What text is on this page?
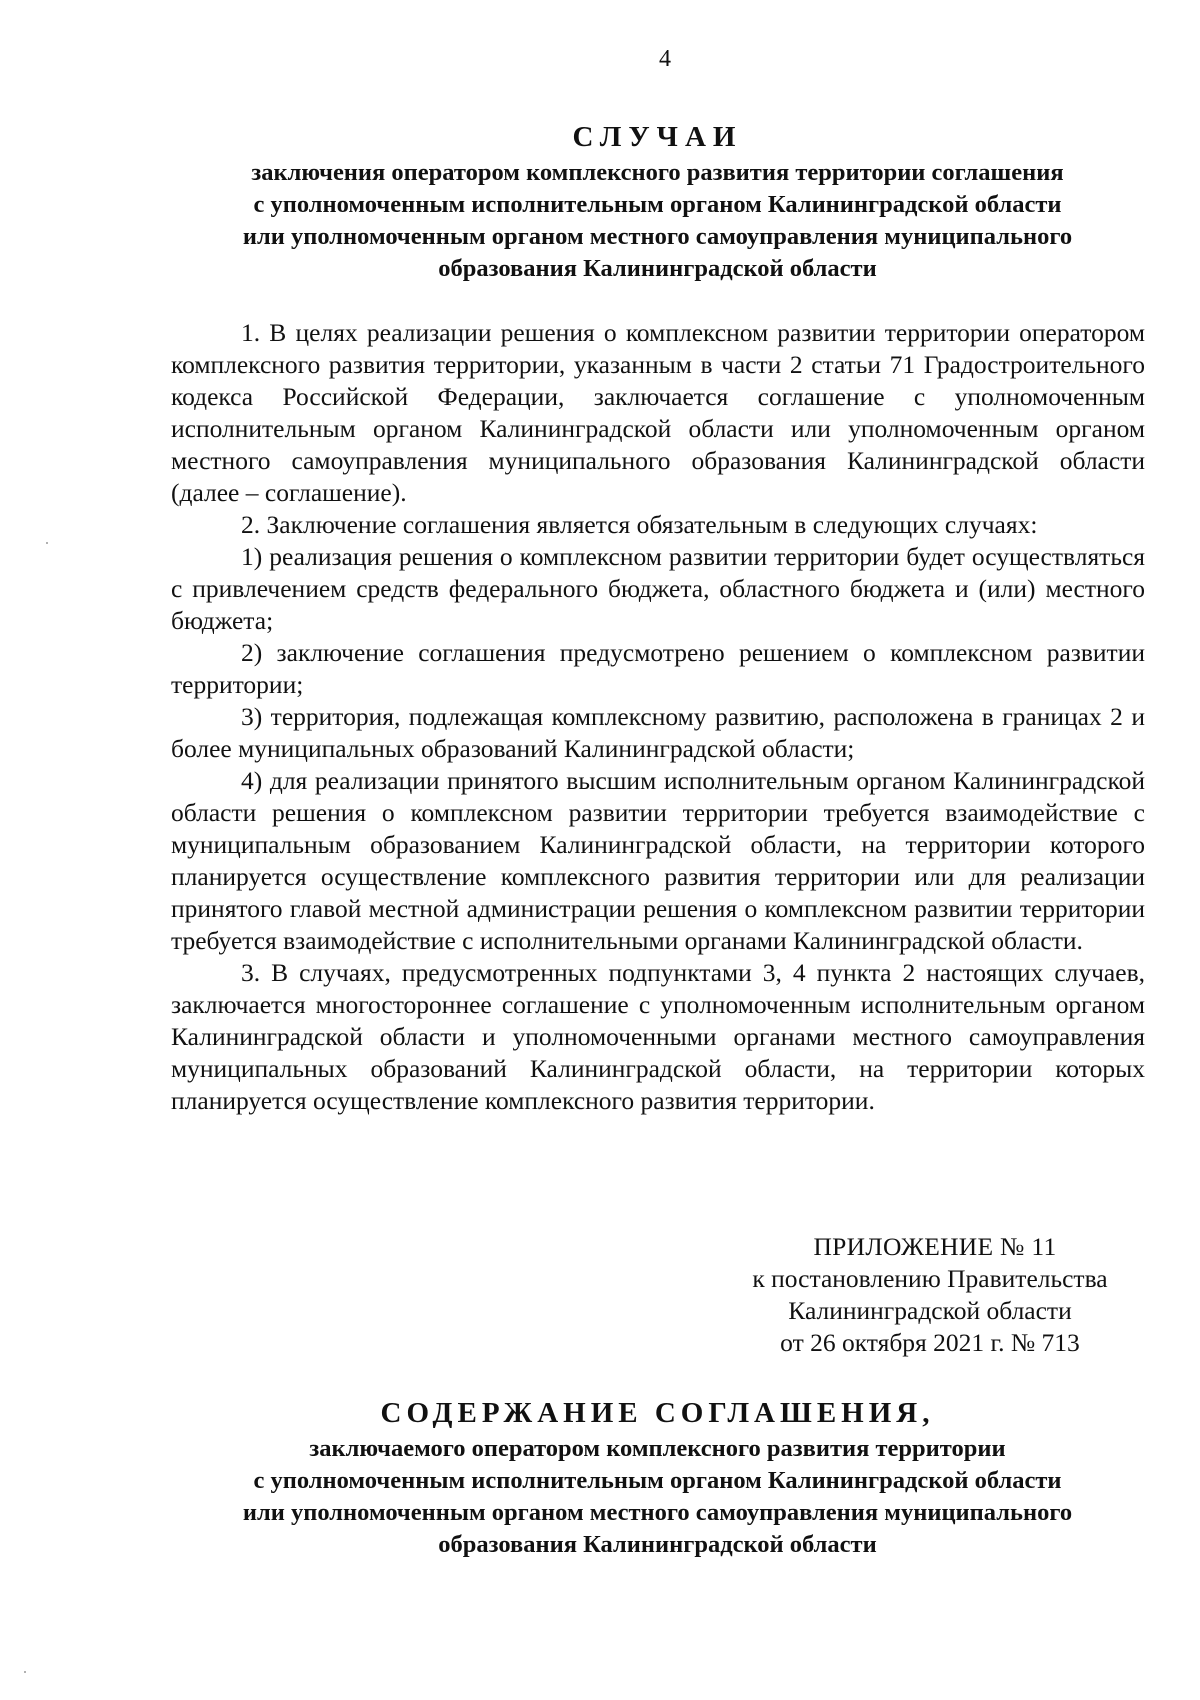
4
СЛУЧАИ
заключения оператором комплексного развития территории соглашения
с уполномоченным исполнительным органом Калининградской области
или уполномоченным органом местного самоуправления муниципального
образования Калининградской области

1. В целях реализации решения о комплексном развитии территории оператором комплексного развития территории, указанным в части 2 статьи 71 Градостроительного кодекса Российской Федерации, заключается соглашение с уполномоченным исполнительным органом Калининградской области или уполномоченным органом местного самоуправления муниципального образования Калининградской области (далее – соглашение).

2. Заключение соглашения является обязательным в следующих случаях:

1) реализация решения о комплексном развитии территории будет осуществляться с привлечением средств федерального бюджета, областного бюджета и (или) местного бюджета;

2) заключение соглашения предусмотрено решением о комплексном развитии территории;

3) территория, подлежащая комплексному развитию, расположена в границах 2 и более муниципальных образований Калининградской области;

4) для реализации принятого высшим исполнительным органом Калининградской области решения о комплексном развитии территории требуется взаимодействие с муниципальным образованием Калининградской области, на территории которого планируется осуществление комплексного развития территории или для реализации принятого главой местной администрации решения о комплексном развитии территории требуется взаимодействие с исполнительными органами Калининградской области.

3. В случаях, предусмотренных подпунктами 3, 4 пункта 2 настоящих случаев, заключается многостороннее соглашение с уполномоченным исполнительным органом Калининградской области и уполномоченными органами местного самоуправления муниципальных образований Калининградской области, на территории которых планируется осуществление комплексного развития территории.

ПРИЛОЖЕНИЕ № 11
к постановлению Правительства
Калининградской области
от 26 октября 2021 г. № 713
СОДЕРЖАНИЕ СОГЛАШЕНИЯ,
заключаемого оператором комплексного развития территории
с уполномоченным исполнительным органом Калининградской области
или уполномоченным органом местного самоуправления муниципального
образования Калининградской области
